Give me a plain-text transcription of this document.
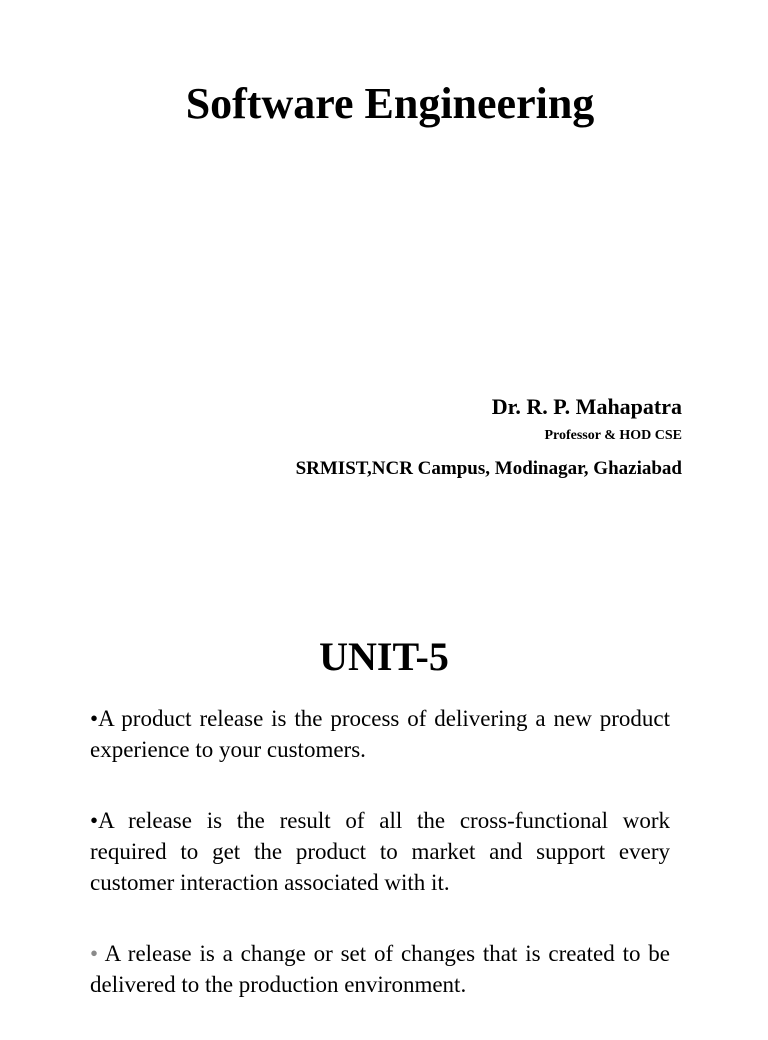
Software Engineering
Dr. R. P. Mahapatra
Professor & HOD CSE
SRMIST,NCR Campus, Modinagar, Ghaziabad
UNIT-5
•A product release is the process of delivering a new product experience to your customers.
•A release is the result of all the cross-functional work required to get the product to market and support every customer interaction associated with it.
• A release is a change or set of changes that is created to be delivered to the production environment.
